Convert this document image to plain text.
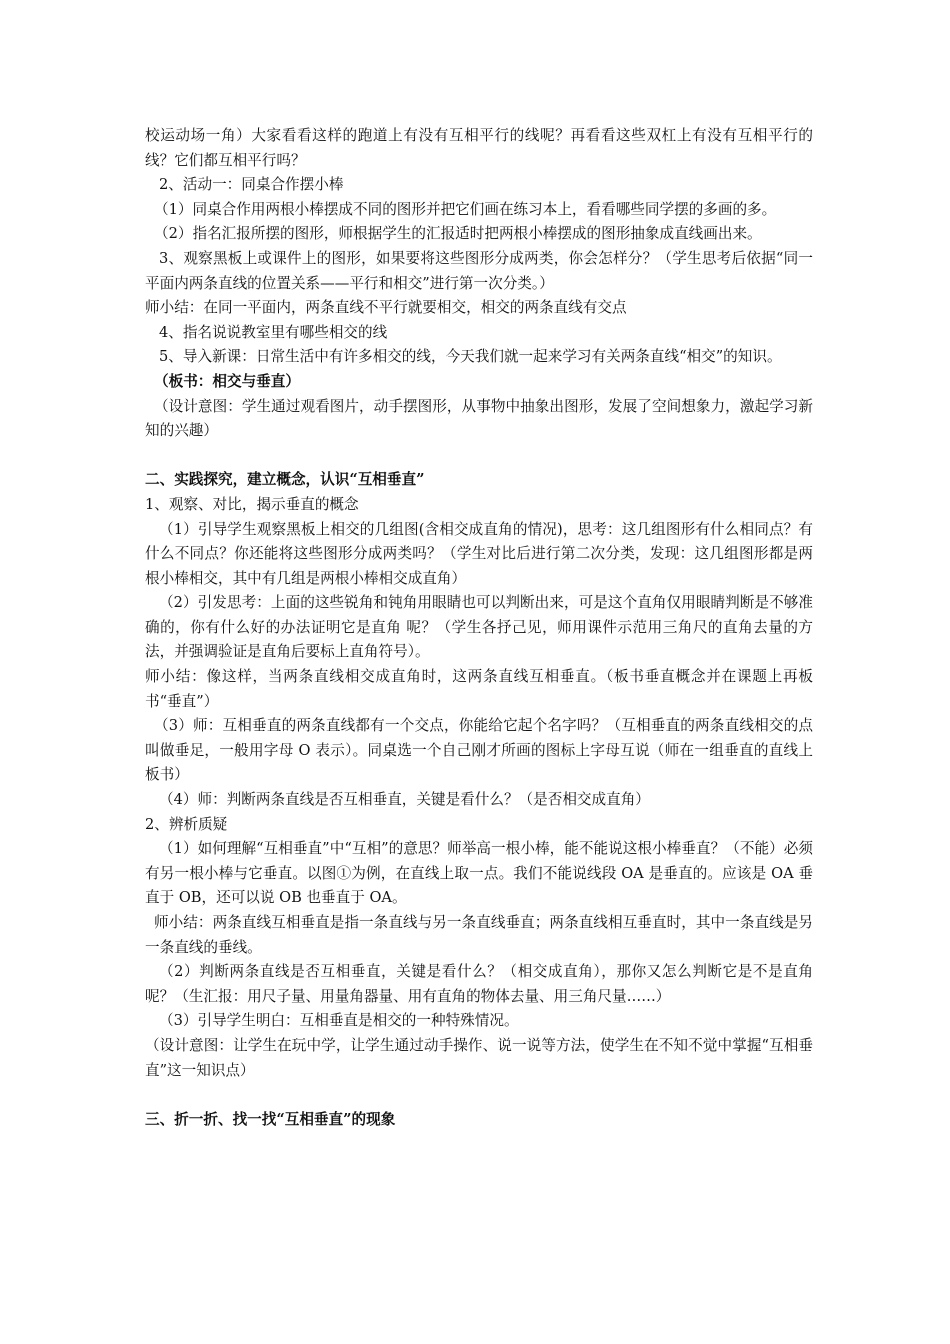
校运动场一角）大家看看这样的跑道上有没有互相平行的线呢？再看看这些双杠上有没有互相平行的线？它们都互相平行吗？

2、活动一：同桌合作摆小棒

（1）同桌合作用两根小棒摆成不同的图形并把它们画在练习本上，看看哪些同学摆的多画的多。

（2）指名汇报所摆的图形，师根据学生的汇报适时把两根小棒摆成的图形抽象成直线画出来。

3、观察黑板上或课件上的图形，如果要将这些图形分成两类，你会怎样分？（学生思考后依据“同一平面内两条直线的位置关系——平行和相交”进行第一次分类。）

师小结：在同一平面内，两条直线不平行就要相交，相交的两条直线有交点

4、指名说说教室里有哪些相交的线

5、导入新课：日常生活中有许多相交的线，今天我们就一起来学习有关两条直线“相交”的知识。

（板书：相交与垂直）

（设计意图：学生通过观看图片，动手摆图形，从事物中抽象出图形，发展了空间想象力，激起学习新知的兴趣）

二、实践探究，建立概念，认识“互相垂直”

1、观察、对比，揭示垂直的概念

（1）引导学生观察黑板上相交的几组图(含相交成直角的情况)，思考：这几组图形有什么相同点？有什么不同点？你还能将这些图形分成两类吗？（学生对比后进行第二次分类，发现：这几组图形都是两根小棒相交，其中有几组是两根小棒相交成直角）

（2）引发思考：上面的这些锐角和钝角用眼睛也可以判断出来，可是这个直角仅用眼睛判断是不够准确的，你有什么好的办法证明它是直角 呢？（学生各抒己见，师用课件示范用三角尺的直角去量的方法，并强调验证是直角后要标上直角符号）。

师小结：像这样，当两条直线相交成直角时，这两条直线互相垂直。（板书垂直概念并在课题上再板书“垂直”）

（3）师：互相垂直的两条直线都有一个交点，你能给它起个名字吗？（互相垂直的两条直线相交的点叫做垂足，一般用字母 O 表示）。同桌选一个自己刚才所画的图标上字母互说（师在一组垂直的直线上板书）

（4）师：判断两条直线是否互相垂直，关键是看什么？（是否相交成直角）

2、辨析质疑

（1）如何理解“互相垂直”中“互相”的意思？师举高一根小棒，能不能说这根小棒垂直？（不能）必须有另一根小棒与它垂直。以图①为例，在直线上取一点。我们不能说线段 OA 是垂直的。应该是 OA 垂直于 OB，还可以说 OB 也垂直于 OA。

师小结：两条直线互相垂直是指一条直线与另一条直线垂直；两条直线相互垂直时，其中一条直线是另一条直线的垂线。

（2）判断两条直线是否互相垂直，关键是看什么？（相交成直角），那你又怎么判断它是不是直角呢？（生汇报：用尺子量、用量角器量、用有直角的物体去量、用三角尺量……）

（3）引导学生明白：互相垂直是相交的一种特殊情况。

（设计意图：让学生在玩中学，让学生通过动手操作、说一说等方法，使学生在不知不觉中掌握“互相垂直”这一知识点）

三、折一折、找一找“互相垂直”的现象
